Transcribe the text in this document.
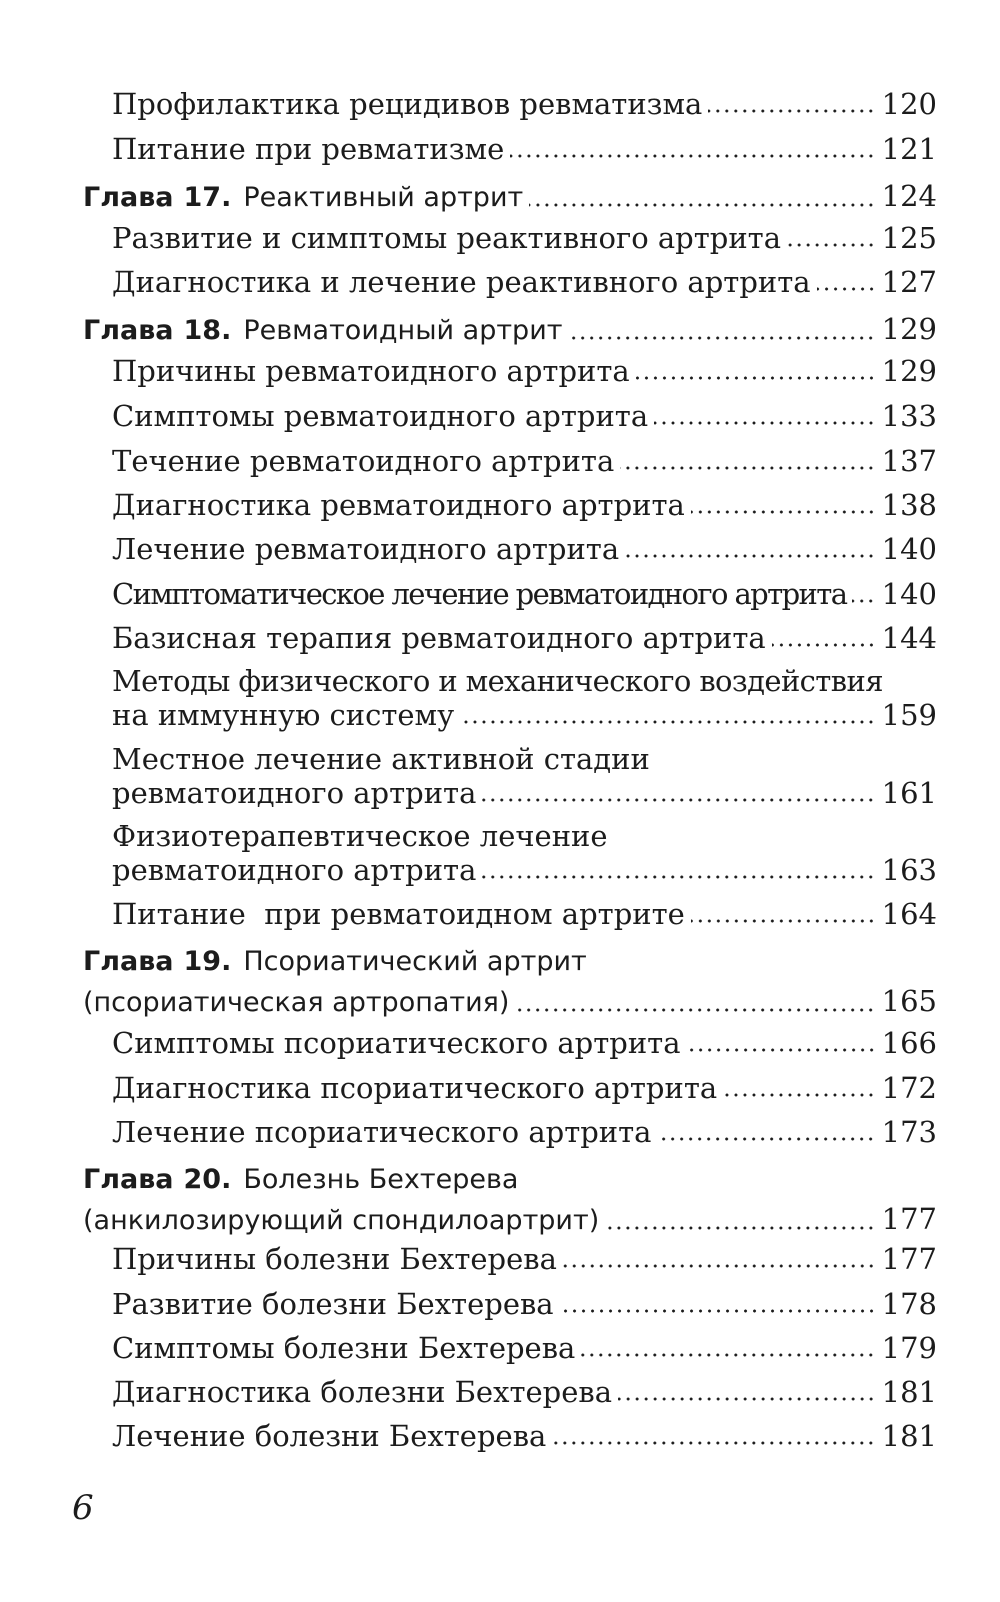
Профилактика рецидивов ревматизма	120
Питание при ревматизме	121
Глава 17. Реактивный артрит	124
Развитие и симптомы реактивного артрита	125
Диагностика и лечение реактивного артрита 127
Глава 18. Ревматоидный артрит	129
Причины ревматоидного артрита	129
Симптомы ревматоидного артрита	133
Течение ревматоидного артрита	137
Диагностика ревматоидного артрита	138
Лечение ревматоидного артрита	140
Симптоматическое лечение ревматоидного артрита 140
Базисная терапия ревматоидного артрита	144
Методы физического и механического воздействия
на иммунную систему	159
Местное лечение активной стадии
ревматоидного артрита	161
Физиотерапевтическое лечение
ревматоидного артрита	163
Питание  при ревматоидном артрите	164
Глава 19. Псориатический артрит
(псориатическая артропатия)	165
Симптомы псориатического артрита	166
Диагностика псориатического артрита	172
Лечение псориатического артрита	173
Глава 20. Болезнь Бехтерева
(анкилозирующий спондилоартрит)	177
Причины болезни Бехтерева	177
Развитие болезни Бехтерева	178
Симптомы болезни Бехтерева	179
Диагностика болезни Бехтерева	181
Лечение болезни Бехтерева	181
6
